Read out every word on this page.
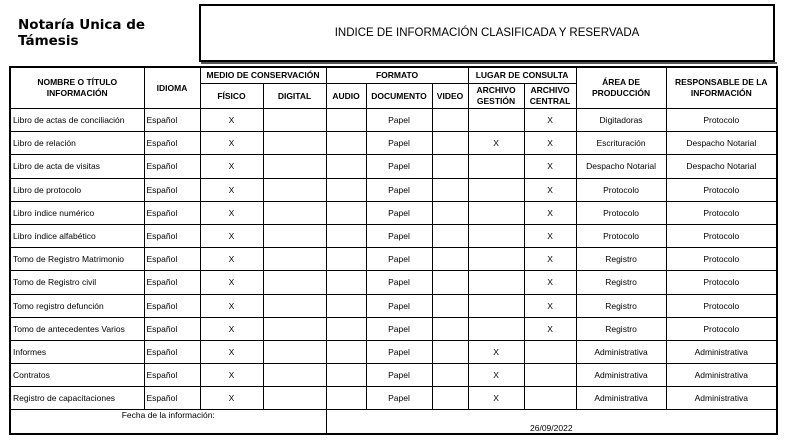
Notaría Unica de Támesis	INDICE DE INFORMACIÓN CLASIFICADA Y RESERVADA
NOMBRE O TÍTULO INFORMACIÓN	IDIOMA	MEDIO DE CONSERVACIÓN		FORMATO			LUGAR DE CONSULTA		ÁREA DE PRODUCCIÓN	RESPONSABLE DE LA INFORMACIÓN
		FÍSICO	DIGITAL	AUDIO	DOCUMENTO	VIDEO	ARCHIVO GESTIÓN	ARCHIVO CENTRAL		
Libro de actas de conciliación	Español	X			Papel			X	Digitadoras	Protocolo
Libro de relación	Español	X			Papel		X	X	Escrituración	Despacho Notarial
Libro de acta de visitas	Español	X			Papel			X	Despacho Notarial	Despacho Notarial
Libro de protocolo	Español	X			Papel			X	Protocolo	Protocolo
Libro índice numérico	Español	X			Papel			X	Protocolo	Protocolo
Libro índice alfabético	Español	X			Papel			X	Protocolo	Protocolo
Tomo de Registro Matrimonio	Español	X			Papel			X	Registro	Protocolo
Tomo de Registro civil	Español	X			Papel			X	Registro	Protocolo
Tomo registro defunción	Español	X			Papel			X	Registro	Protocolo
Tomo de antecedentes Varios	Español	X			Papel			X	Registro	Protocolo
Informes	Español	X			Papel		X		Administrativa	Administrativa
Contratos	Español	X			Papel		X		Administrativa	Administrativa
Registro de capacitaciones	Español	X			Papel		X		Administrativa	Administrativa
Fecha de la información:				26/09/2022						
